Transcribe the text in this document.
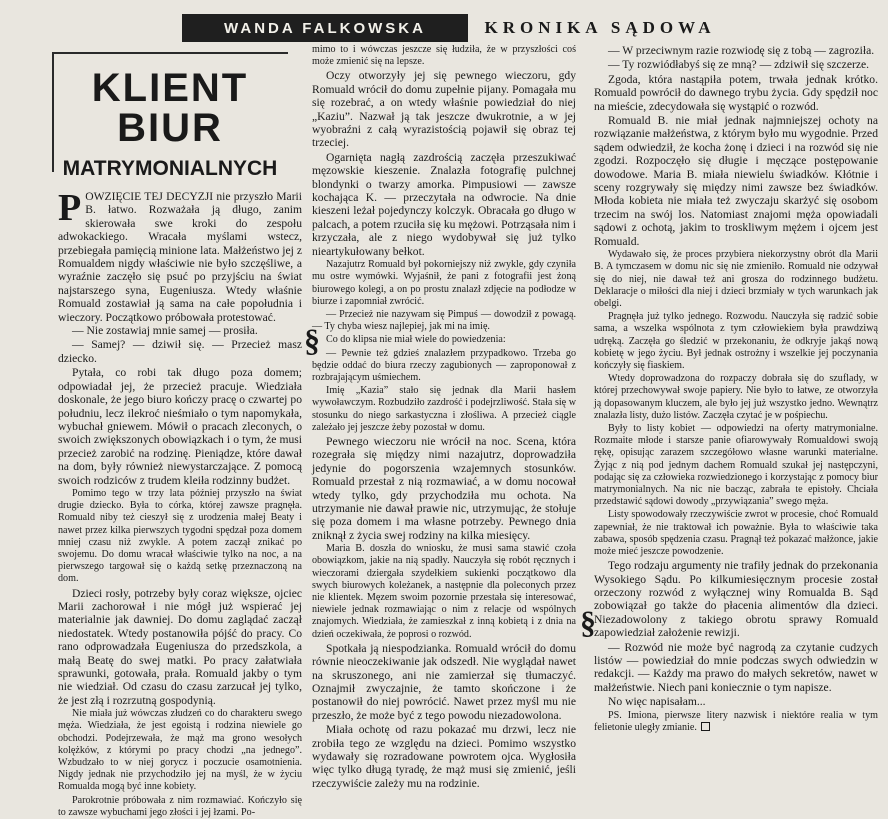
WANDA FALKOWSKA	KRONIKA SĄDOWA
KLIENT BIUR
MATRYMONIALNYCH
§
§
P OWZIĘCIE TEJ DECYZJI nie przyszło Marii B. łatwo. Rozważała ją długo, zanim skierowała swe kroki do zespołu adwokackiego. Wracała myślami wstecz, przebiegała pamięcią minione lata. Małżeństwo jej z Romualdem nigdy właściwie nie było szczęśliwe, a wyraźnie zaczęło się psuć po przyjściu na świat najstarszego syna, Eugeniusza. Wtedy właśnie Romuald zostawiał ją sama na całe popołudnia i wieczory. Początkowo próbowała protestować.

— Nie zostawiaj mnie samej — prosiła.

— Samej? — dziwił się. — Przecież masz dziecko.

Pytała, co robi tak długo poza domem; odpowiadał jej, że przecież pracuje. Wiedziała doskonale, że jego biuro kończy pracę o czwartej po południu, lecz ilekroć nieśmiało o tym napomykała, wybuchał gniewem. Mówił o pracach zleconych, o swoich zwiększonych obowiązkach i o tym, że musi przecież zarobić na rodzinę. Pieniądze, które dawał na dom, były również niewystarczające. Z pomocą swoich rodziców z trudem kleiła rodzinny budżet.

Pomimo tego w trzy lata później przyszło na świat drugie dziecko. Była to córka, której zawsze pragnęła. Romuald niby też cieszył się z urodzenia małej Beaty i nawet przez kilka pierwszych tygodni spędzał poza domem mniej czasu niż zwykle. A potem zaczął znikać po swojemu. Do domu wracał właściwie tylko na noc, a na pierwszego targował się o każdą setkę przeznaczoną na dom.

Dzieci rosły, potrzeby były coraz większe, ojciec Marii zachorował i nie mógł już wspierać jej materialnie jak dawniej. Do domu zaglądać zaczął niedostatek. Wtedy postanowiła pójść do pracy. Co rano odprowadzała Eugeniusza do przedszkola, a małą Beatę do swej matki. Po pracy załatwiała sprawunki, gotowała, prała. Romuald jakby o tym nie wiedział. Od czasu do czasu zarzucał jej tylko, że jest złą i rozrzutną gospodynią.

Nie miała już wówczas złudzeń co do charakteru swego męża. Wiedziała, że jest egoistą i rodzina niewiele go obchodzi. Podejrzewała, że mąż ma grono wesołych kolężków, z którymi po pracy chodzi „na jednego”. Wzbudzało to w niej gorycz i poczucie osamotnienia. Nigdy jednak nie przychodziło jej na myśl, że w życiu Romualda mogą być inne kobiety.

Parokrotnie próbowała z nim rozmawiać. Kończyło się to zawsze wybuchami jego złości i jej łzami. Po-

mimo to i wówczas jeszcze się łudziła, że w przyszłości coś może zmienić się na lepsze.

Oczy otworzyły jej się pewnego wieczoru, gdy Romuald wrócił do domu zupełnie pijany. Pomagała mu się rozebrać, a on wtedy właśnie powiedział do niej „Kaziu”. Nazwał ją tak jeszcze dwukrotnie, a w jej wyobraźni z całą wyrazistością pojawił się obraz tej trzeciej.

Ogarnięta nagłą zazdrością zaczęła przeszukiwać męzowskie kieszenie. Znalazła fotografię pulchnej blondynki o twarzy amorka. Pimpusiowi — zawsze kochająca K. — przeczytała na odwrocie. Na dnie kieszeni leżał pojedynczy kolczyk. Obracała go długo w palcach, a potem rzuciła się ku mężowi. Potrząsała nim i krzyczała, ale z niego wydobywał się już tylko nieartykułowany bełkot.

Nazajutrz Romuald był pokorniejszy niż zwykle, gdy czyniła mu ostre wymówki. Wyjaśnił, że pani z fotografii jest żoną biurowego kolegi, a on po prostu znalazł zdjęcie na podłodze w biurze i zapomniał zwrócić.

— Przecież nie nazywam się Pimpuś — dowodził z powagą. — Ty chyba wiesz najlepiej, jak mi na imię.

Co do klipsa nie miał wiele do powiedzenia:

— Pewnie też gdzieś znalazłem przypadkowo. Trzeba go będzie oddać do biura rzeczy zagubionych — zaproponował z rozbrajającym uśmiechem.

Imię „Kazia” stało się jednak dla Marii hasłem wywoławczym. Rozbudziło zazdrość i podejrzliwość. Stała się w stosunku do niego sarkastyczna i złośliwa. A przecież ciągle zależało jej jeszcze żeby pozostał w domu.

Pewnego wieczoru nie wrócił na noc. Scena, która rozegrała się między nimi nazajutrz, doprowadziła jedynie do pogorszenia wzajemnych stosunków. Romuald przestał z nią rozmawiać, a w domu nocował wtedy tylko, gdy przychodziła mu ochota. Na utrzymanie nie dawał prawie nic, utrzymując, że stołuje się poza domem i ma własne potrzeby. Pewnego dnia zniknął z życia swej rodziny na kilka miesięcy.

Maria B. doszła do wniosku, że musi sama stawić czoła obowiązkom, jakie na nią spadły. Nauczyła się robót ręcznych i wieczorami dziergała szydełkiem sukienki początkowo dla swych biurowych koleżanek, a następnie dla poleconych przez nie klientek. Męzem swoim pozornie przestała się interesować, niewiele jednak rozmawiając o nim z relacje od wspólnych znajomych. Wiedziała, że zamieszkał z inną kobietą i z dnia na dzień oczekiwała, że poprosi o rozwód.

Spotkała ją niespodzianka. Romuald wrócił do domu równie nieoczekiwanie jak odszedł. Nie wyglądał nawet na skruszonego, ani nie zamierzał się tłumaczyć. Oznajmił zwyczajnie, że tamto skończone i że postanowił do niej powrócić. Nawet przez myśl mu nie przeszło, że może być z tego powodu niezadowolona.

Miała ochotę od razu pokazać mu drzwi, lecz nie zrobiła tego ze względu na dzieci. Pomimo wszystko wydawały się rozradowane powrotem ojca. Wygłosiła więc tylko długą tyradę, że mąż musi się zmienić, jeśli rzeczywiście zależy mu na rodzinie.

— W przeciwnym razie rozwiodę się z tobą — zagroziła.

— Ty rozwiódłabyś się ze mną? — zdziwił się szczerze.

Zgoda, która nastąpiła potem, trwała jednak krótko. Romuald powrócił do dawnego trybu życia. Gdy spędził noc na mieście, zdecydowała się wystąpić o rozwód.

Romuald B. nie miał jednak najmniejszej ochoty na rozwiązanie małżeństwa, z którym było mu wygodnie. Przed sądem odwiedził, że kocha żonę i dzieci i na rozwód się nie zgodzi. Rozpoczęło się długie i męczące postępowanie dowodowe. Maria B. miała niewielu świadków. Kłótnie i sceny rozgrywały się między nimi zawsze bez świadków. Młoda kobieta nie miała też zwyczaju skarżyć się osobom trzecim na swój los. Natomiast znajomi męża opowiadali sądowi z ochotą, jakim to troskliwym mężem i ojcem jest Romuald.

Wydawało się, że proces przybiera niekorzystny obrót dla Marii B. A tymczasem w domu nic się nie zmieniło. Romuald nie odzywał się do niej, nie dawał też ani grosza do rodzinnego budżetu. Deklaracje o miłości dla niej i dzieci brzmiały w tych warunkach jak obelgi.

Pragnęła już tylko jednego. Rozwodu. Nauczyła się radzić sobie sama, a wszelka wspólnota z tym człowiekiem była prawdziwą udręką. Zaczęła go śledzić w przekonaniu, że odkryje jakąś nową kobietę w jego życiu. Był jednak ostrożny i wszelkie jej poczynania kończyły się fiaskiem.

Wtedy doprowadzona do rozpaczy dobrała się do szuflady, w której przechowywał swoje papiery. Nie było to łatwe, ze otworzyła ją dopasowanym kluczem, ale było jej już wszystko jedno. Wewnątrz znalazła listy, dużo listów. Zaczęła czytać je w pośpiechu.

Były to listy kobiet — odpowiedzi na oferty matrymonialne. Rozmaite młode i starsze panie ofiarowywały Romualdowi swoją rękę, opisując zarazem szczegółowo własne warunki materialne. Żyjąc z nią pod jednym dachem Romuald szukał jej następczyni, podając się za człowieka rozwiedzionego i korzystając z pomocy biur matrymonialnych. Na nic nie bacząc, zabrała te epistoły. Chciała przedstawić sądowi dowody „przywiązania” swego męża.

Listy spowodowały rzeczywiście zwrot w procesie, choć Romuald zapewniał, że nie traktował ich poważnie. Była to właściwie taka zabawa, sposób spędzenia czasu. Pragnął też pokazać małżonce, jakie może mieć jeszcze powodzenie.

Tego rodzaju argumenty nie trafiły jednak do przekonania Wysokiego Sądu. Po kilkumiesięcznym procesie został orzeczony rozwód z wyłącznej winy Romualda B. Sąd zobowiązał go także do płacenia alimentów dla dzieci. Niezadowolony z takiego obrotu sprawy Romuald zapowiedział założenie rewizji.

— Rozwód nie może być nagrodą za czytanie cudzych listów — powiedział do mnie podczas swych odwiedzin w redakcji. — Każdy ma prawo do małych sekretów, nawet w małżeństwie. Niech pani koniecznie o tym napisze.

No więc napisałam...

PS. Imiona, pierwsze litery nazwisk i niektóre realia w tym felietonie uległy zmianie.
